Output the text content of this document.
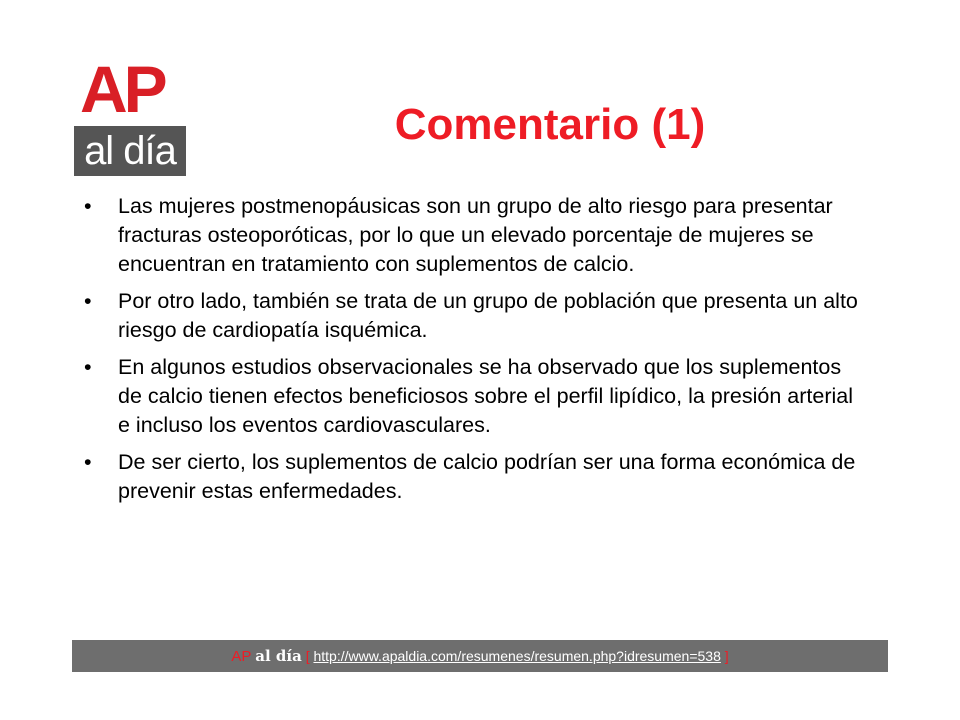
AP
al día
Comentario (1)
• Las mujeres postmenopáusicas son un grupo de alto riesgo para presentar fracturas osteoporóticas, por lo que un elevado porcentaje de mujeres se encuentran en tratamiento con suplementos de calcio.
• Por otro lado, también se trata de un grupo de población que presenta un alto riesgo de cardiopatía isquémica.
• En algunos estudios observacionales se ha observado que los suplementos de calcio tienen efectos beneficiosos sobre el perfil lipídico, la presión arterial e incluso los eventos cardiovasculares.
• De ser cierto, los suplementos de calcio podrían ser una forma económica de prevenir estas enfermedades.
AP al día [ http://www.apaldia.com/resumenes/resumen.php?idresumen=538 ]
